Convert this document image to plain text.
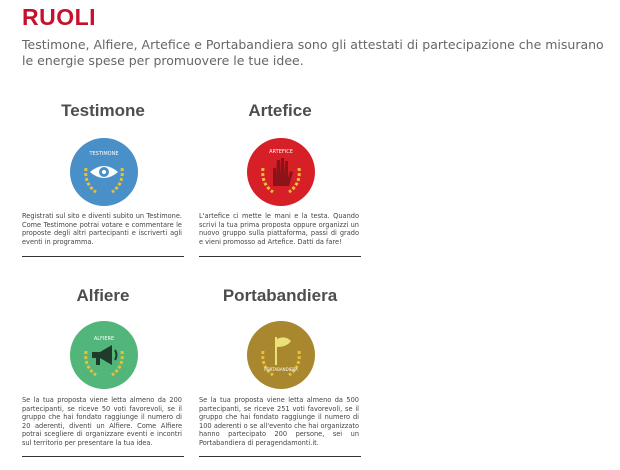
RUOLI
Testimone, Alfiere, Artefice e Portabandiera sono gli attestati di partecipazione che misurano le energie spese per promuovere le tue idee.
Testimone
TESTIMONE

Registrati sul sito e diventi subito un Testimone. Come Testimone potrai votare e commentare le proposte degli altri partecipanti e iscriverti agli eventi in programma.

Artefice
ARTEFICE

L'artefice ci mette le mani e la testa. Quando scrivi la tua prima proposta oppure organizzi un nuovo gruppo sulla piattaforma, passi di grado e vieni promosso ad Artefice. Datti da fare!

Alfiere
ALFIERE

Se la tua proposta viene letta almeno da 200 partecipanti, se riceve 50 voti favorevoli, se il gruppo che hai fondato raggiunge il numero di 20 aderenti, diventi un Alfiere. Come Alfiere potrai scegliere di organizzare eventi e incontri sul territorio per presentare la tua idea.

Portabandiera
PORTABANDIERA

Se la tua proposta viene letta almeno da 500 partecipanti, se riceve 251 voti favorevoli, se il gruppo che hai fondato raggiunge il numero di 100 aderenti o se all'evento che hai organizzato hanno partecipato 200 persone, sei un Portabandiera di peragendamonti.it.
